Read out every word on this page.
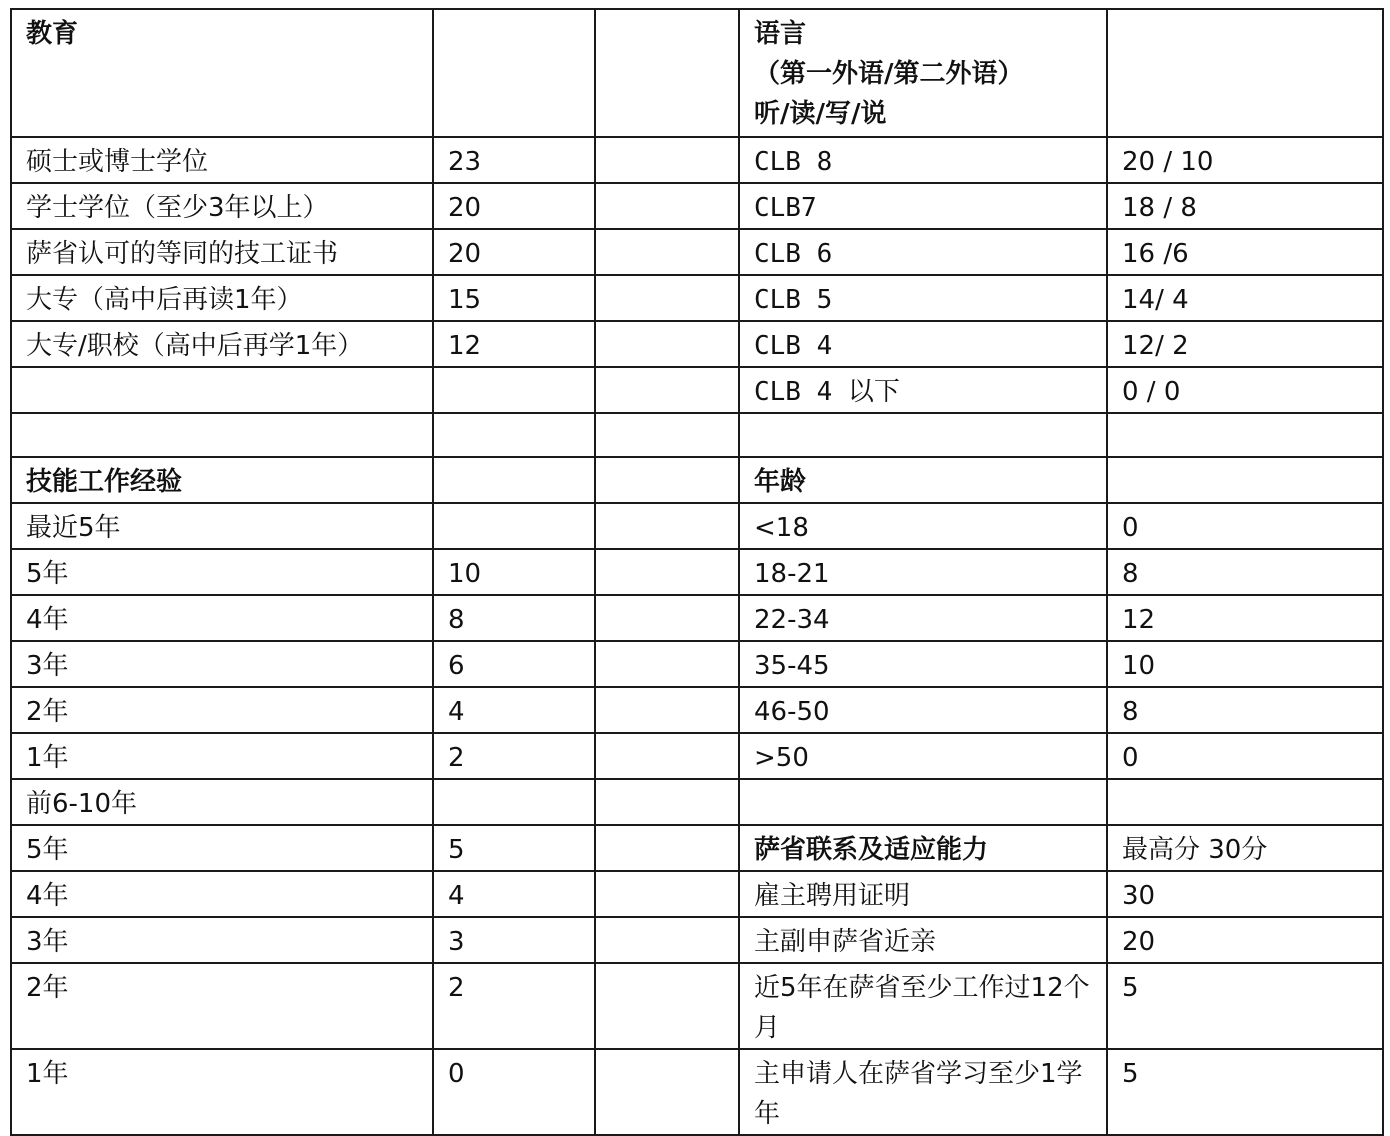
教育			语言
（第一外语/第二外语）
听/读/写/说	
硕士或博士学位	23		CLB 8	20 / 10
学士学位（至少3年以上）	20		CLB7	18 / 8
萨省认可的等同的技工证书	20		CLB 6	16 /6
大专（高中后再读1年）	15		CLB 5	14/ 4
大专/职校（高中后再学1年）	12		CLB 4	12/ 2
			CLB 4 以下	0 / 0

技能工作经验			年龄	
最近5年			<18	0
5年	10		18-21	8
4年	8		22-34	12
3年	6		35-45	10
2年	4		46-50	8
1年	2		>50	0
前6-10年				
5年	5		萨省联系及适应能力	最高分 30分
4年	4		雇主聘用证明	30
3年	3		主副申萨省近亲	20
2年	2		近5年在萨省至少工作过12个月	5
1年	0		主申请人在萨省学习至少1学年	5
